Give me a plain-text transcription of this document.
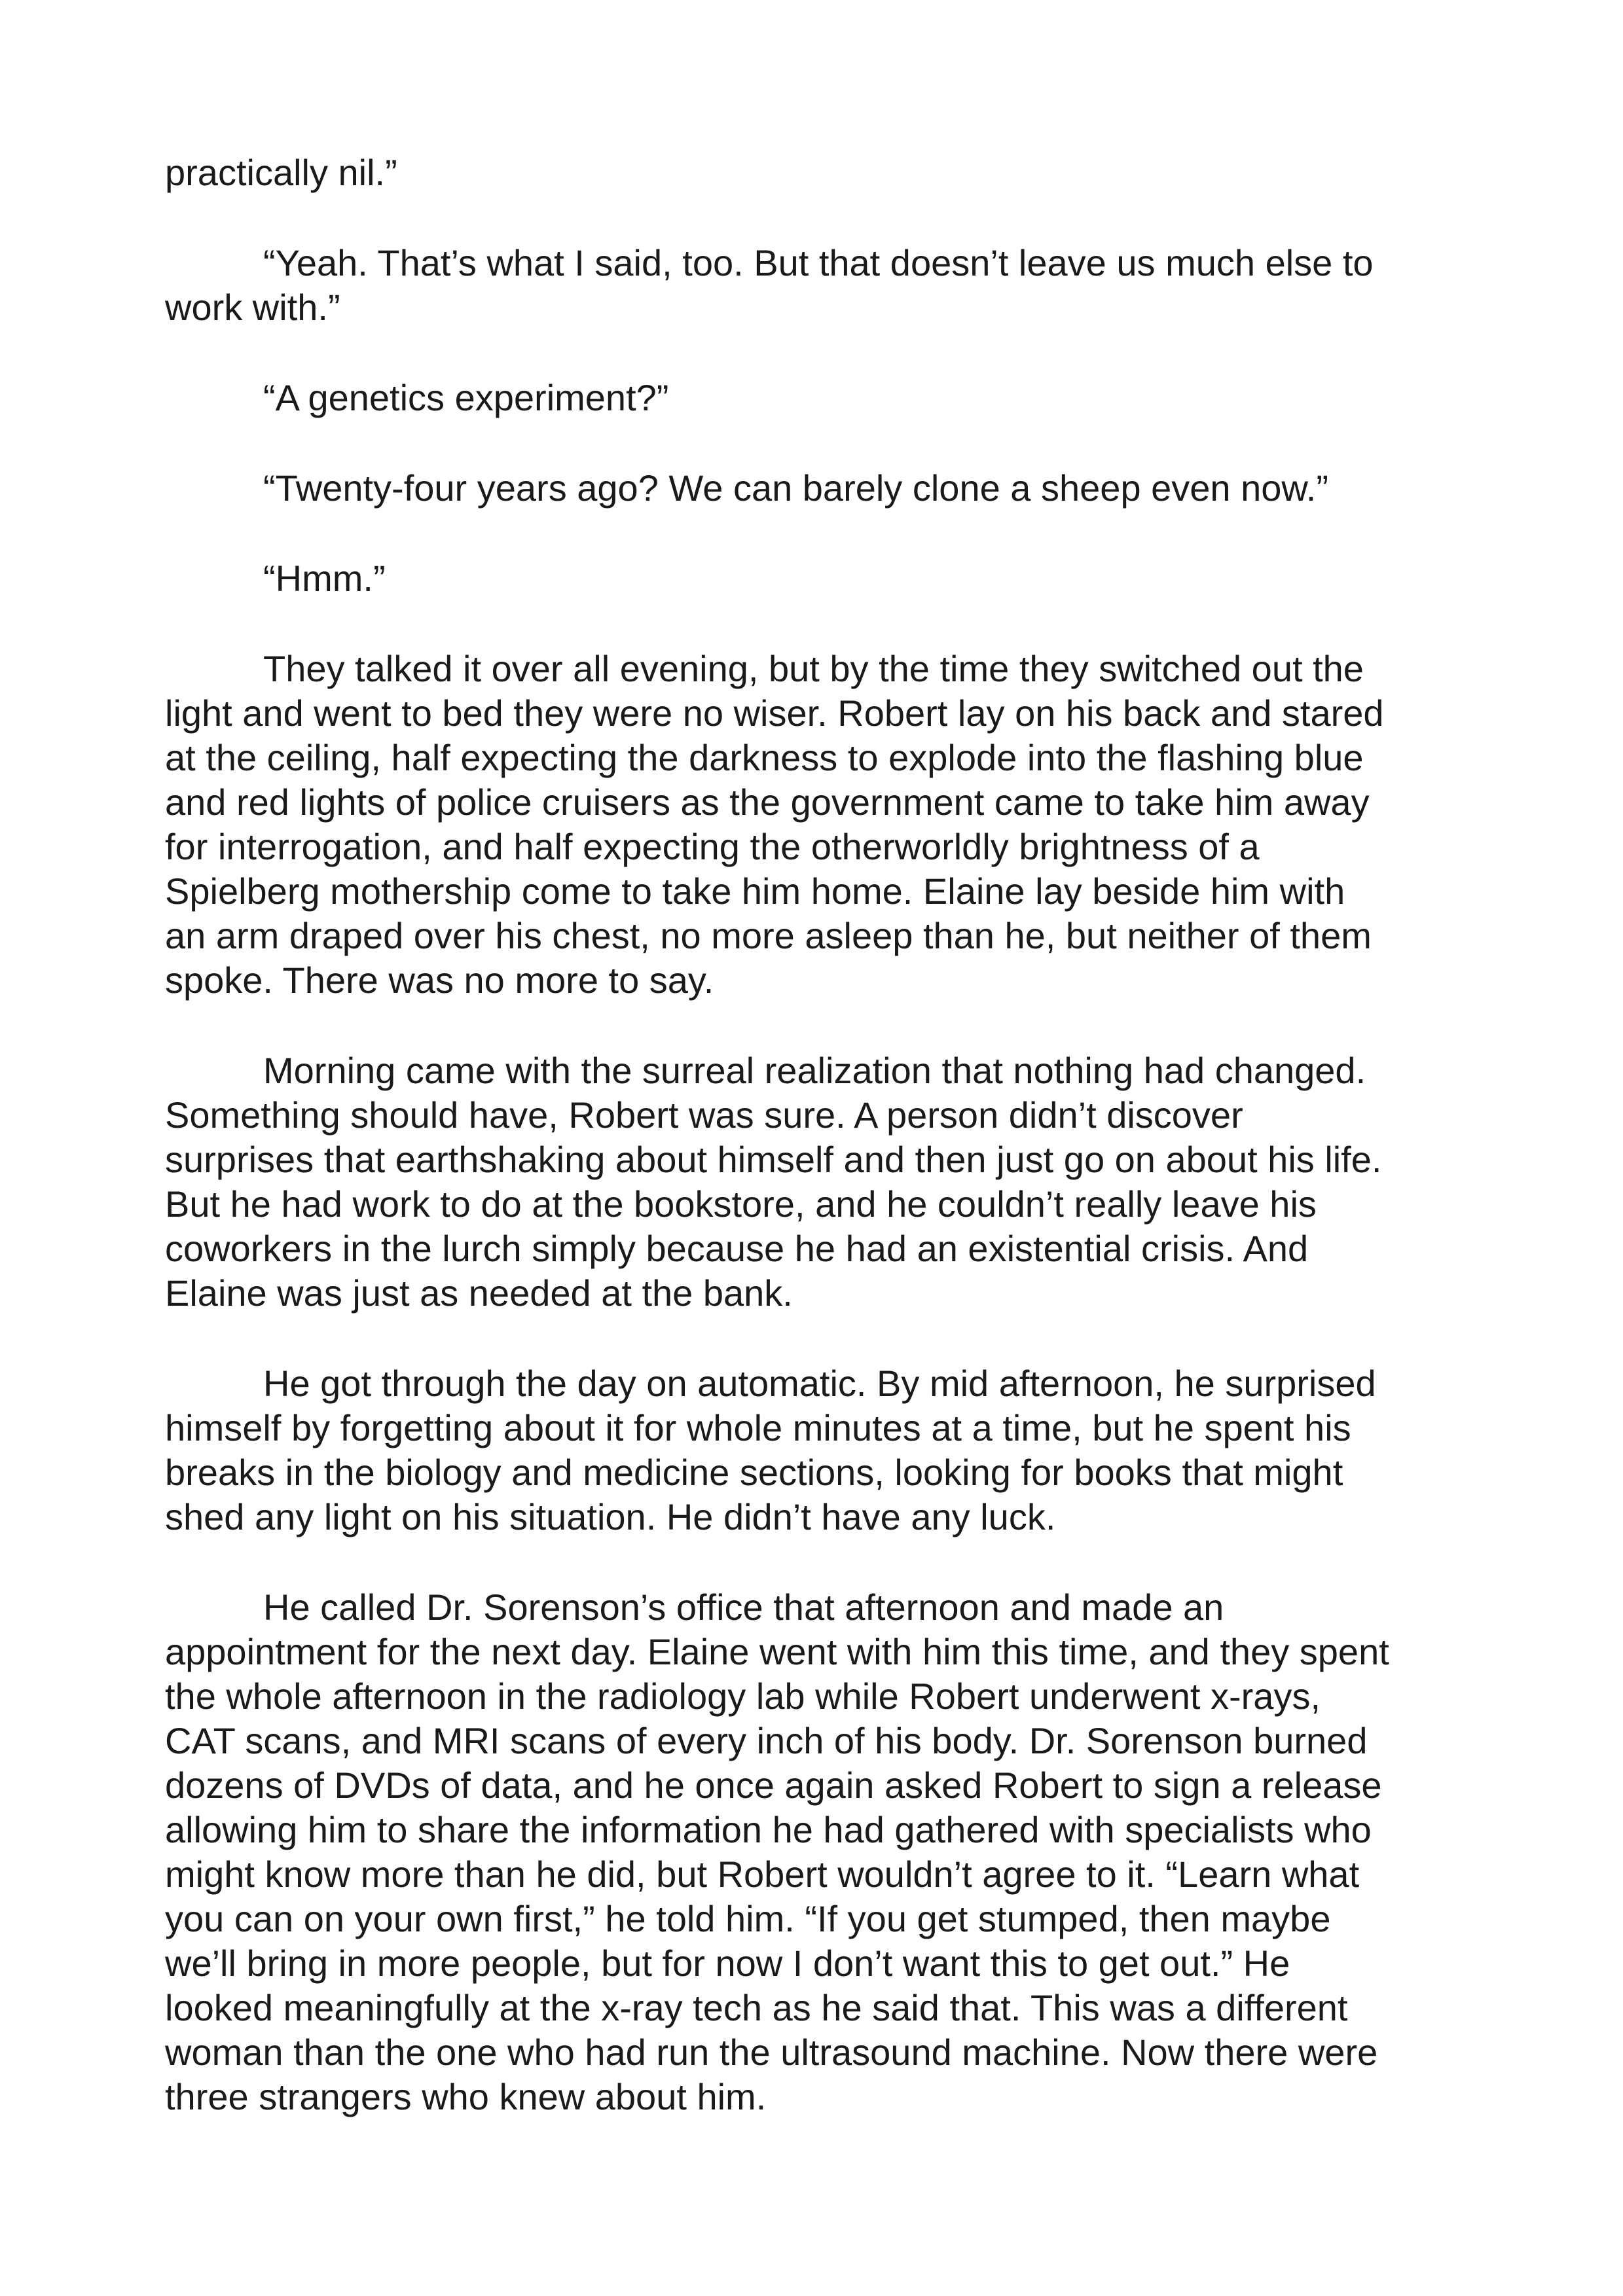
practically nil.”

“Yeah. That’s what I said, too. But that doesn’t leave us much else to
work with.”

“A genetics experiment?”

“Twenty-four years ago? We can barely clone a sheep even now.”

“Hmm.”

They talked it over all evening, but by the time they switched out the
light and went to bed they were no wiser. Robert lay on his back and stared
at the ceiling, half expecting the darkness to explode into the flashing blue
and red lights of police cruisers as the government came to take him away
for interrogation, and half expecting the otherworldly brightness of a
Spielberg mothership come to take him home. Elaine lay beside him with
an arm draped over his chest, no more asleep than he, but neither of them
spoke. There was no more to say.

Morning came with the surreal realization that nothing had changed.
Something should have, Robert was sure. A person didn’t discover
surprises that earthshaking about himself and then just go on about his life.
But he had work to do at the bookstore, and he couldn’t really leave his
coworkers in the lurch simply because he had an existential crisis. And
Elaine was just as needed at the bank.

He got through the day on automatic. By mid afternoon, he surprised
himself by forgetting about it for whole minutes at a time, but he spent his
breaks in the biology and medicine sections, looking for books that might
shed any light on his situation. He didn’t have any luck.

He called Dr. Sorenson’s office that afternoon and made an
appointment for the next day. Elaine went with him this time, and they spent
the whole afternoon in the radiology lab while Robert underwent x-rays,
CAT scans, and MRI scans of every inch of his body. Dr. Sorenson burned
dozens of DVDs of data, and he once again asked Robert to sign a release
allowing him to share the information he had gathered with specialists who
might know more than he did, but Robert wouldn’t agree to it. “Learn what
you can on your own first,” he told him. “If you get stumped, then maybe
we’ll bring in more people, but for now I don’t want this to get out.” He
looked meaningfully at the x-ray tech as he said that. This was a different
woman than the one who had run the ultrasound machine. Now there were
three strangers who knew about him.
